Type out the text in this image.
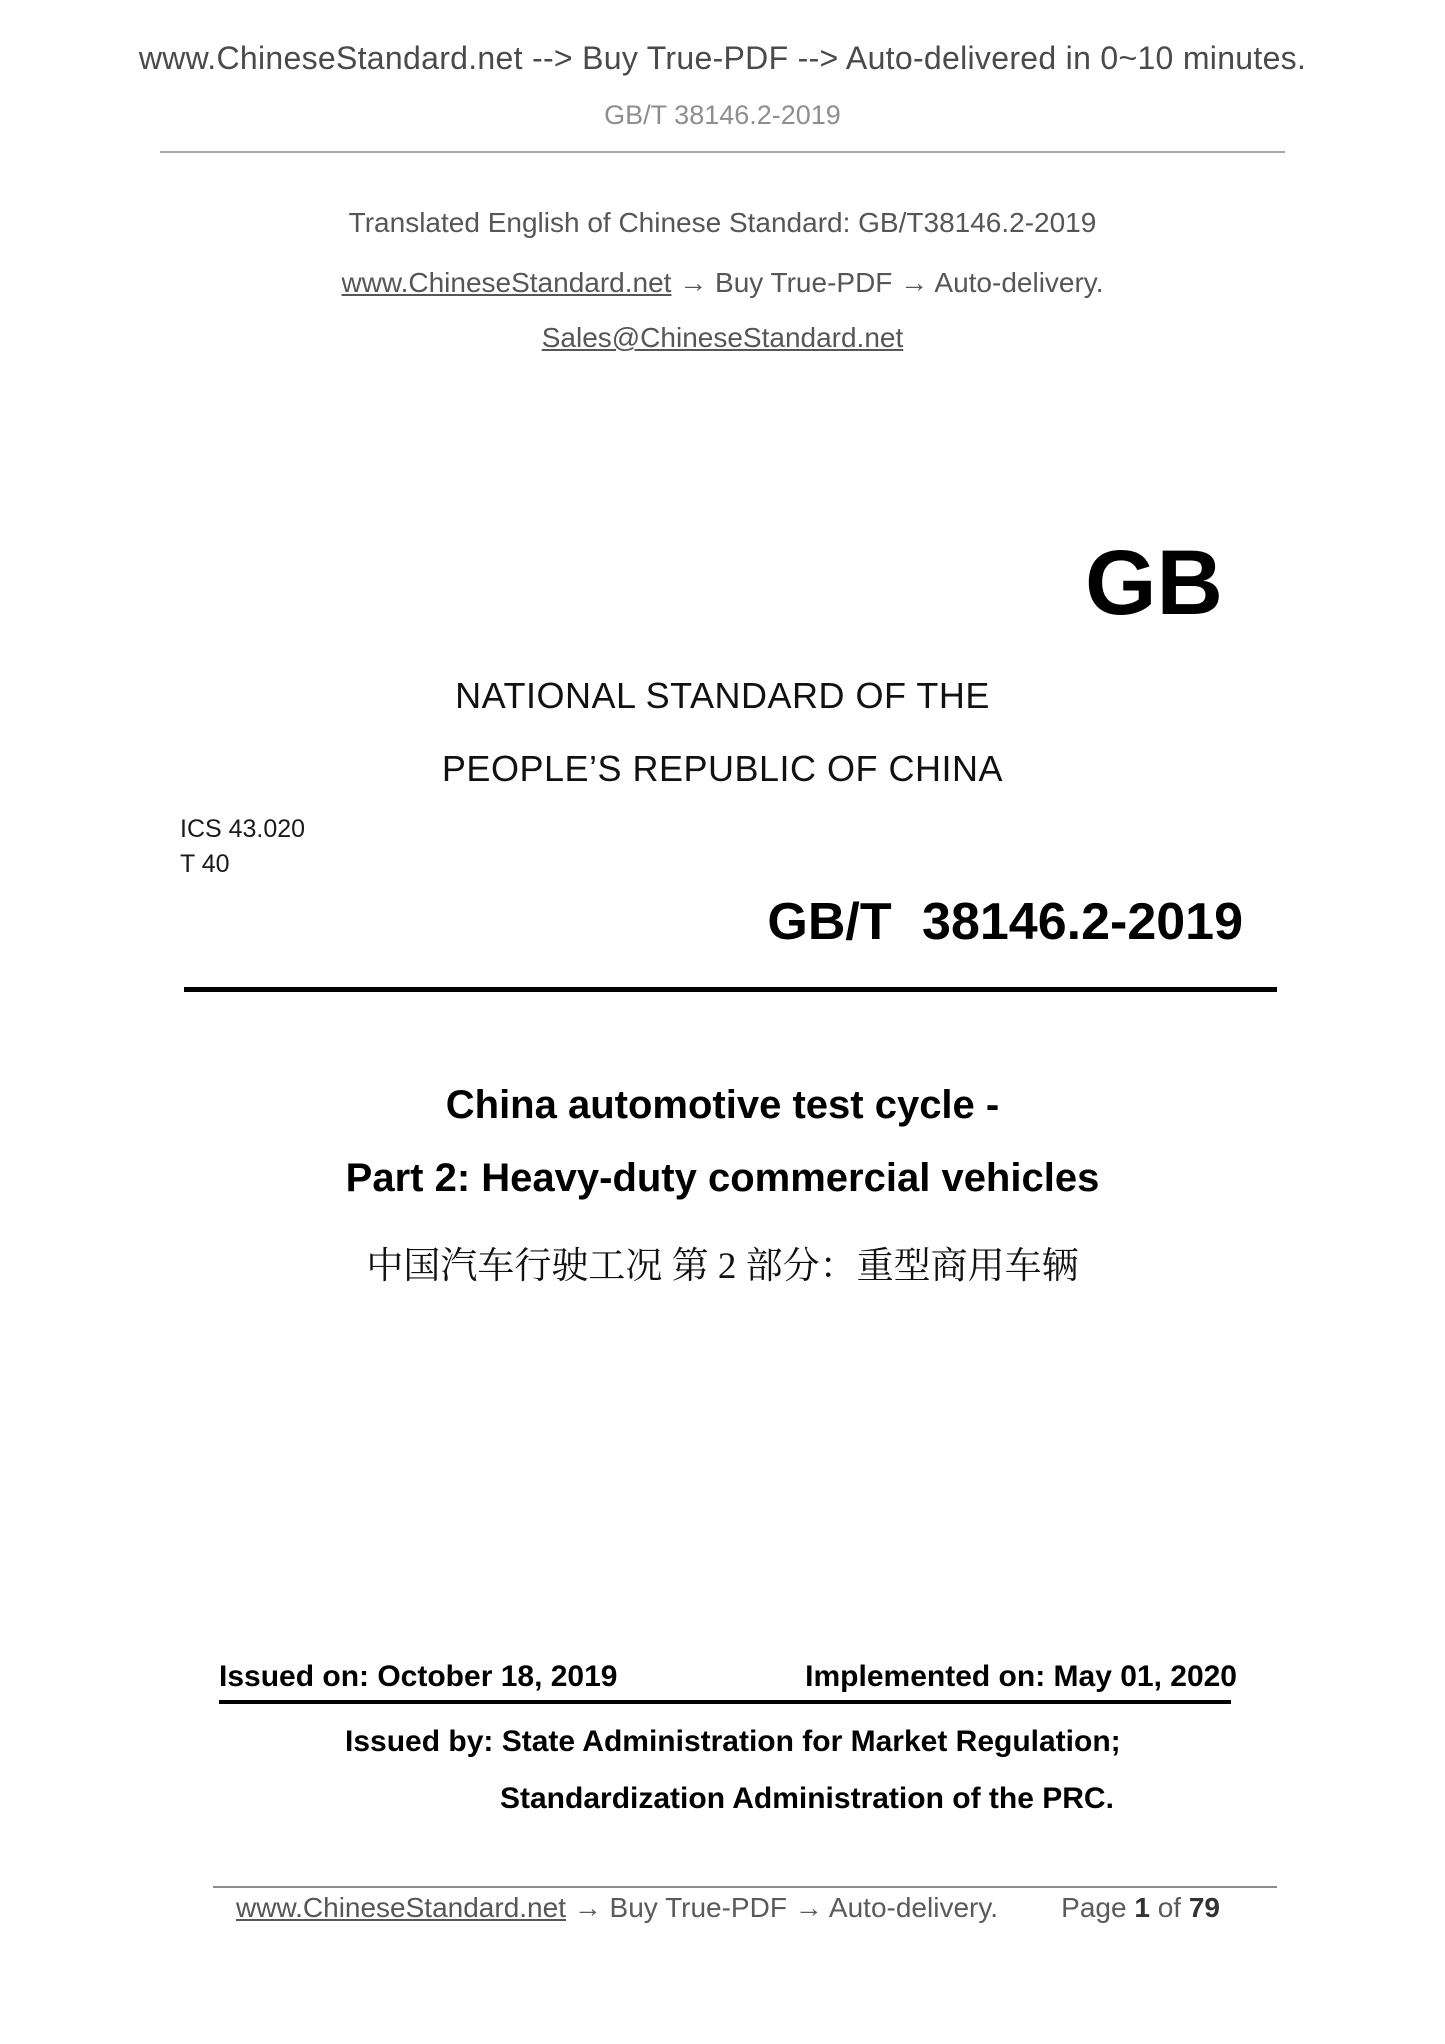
www.ChineseStandard.net --> Buy True-PDF --> Auto-delivered in 0~10 minutes.
GB/T 38146.2-2019
Translated English of Chinese Standard: GB/T38146.2-2019
www.ChineseStandard.net → Buy True-PDF → Auto-delivery.
Sales@ChineseStandard.net
GB
NATIONAL STANDARD OF THE
PEOPLE’S REPUBLIC OF CHINA
ICS 43.020
T 40
GB/T 38146.2-2019
China automotive test cycle -
Part 2: Heavy-duty commercial vehicles
中国汽车行驶工况 第 2 部分：重型商用车辆
Issued on: October 18, 2019	Implemented on: May 01, 2020
Issued by: State Administration for Market Regulation;
Standardization Administration of the PRC.
www.ChineseStandard.net → Buy True-PDF → Auto-delivery. Page 1 of 79
